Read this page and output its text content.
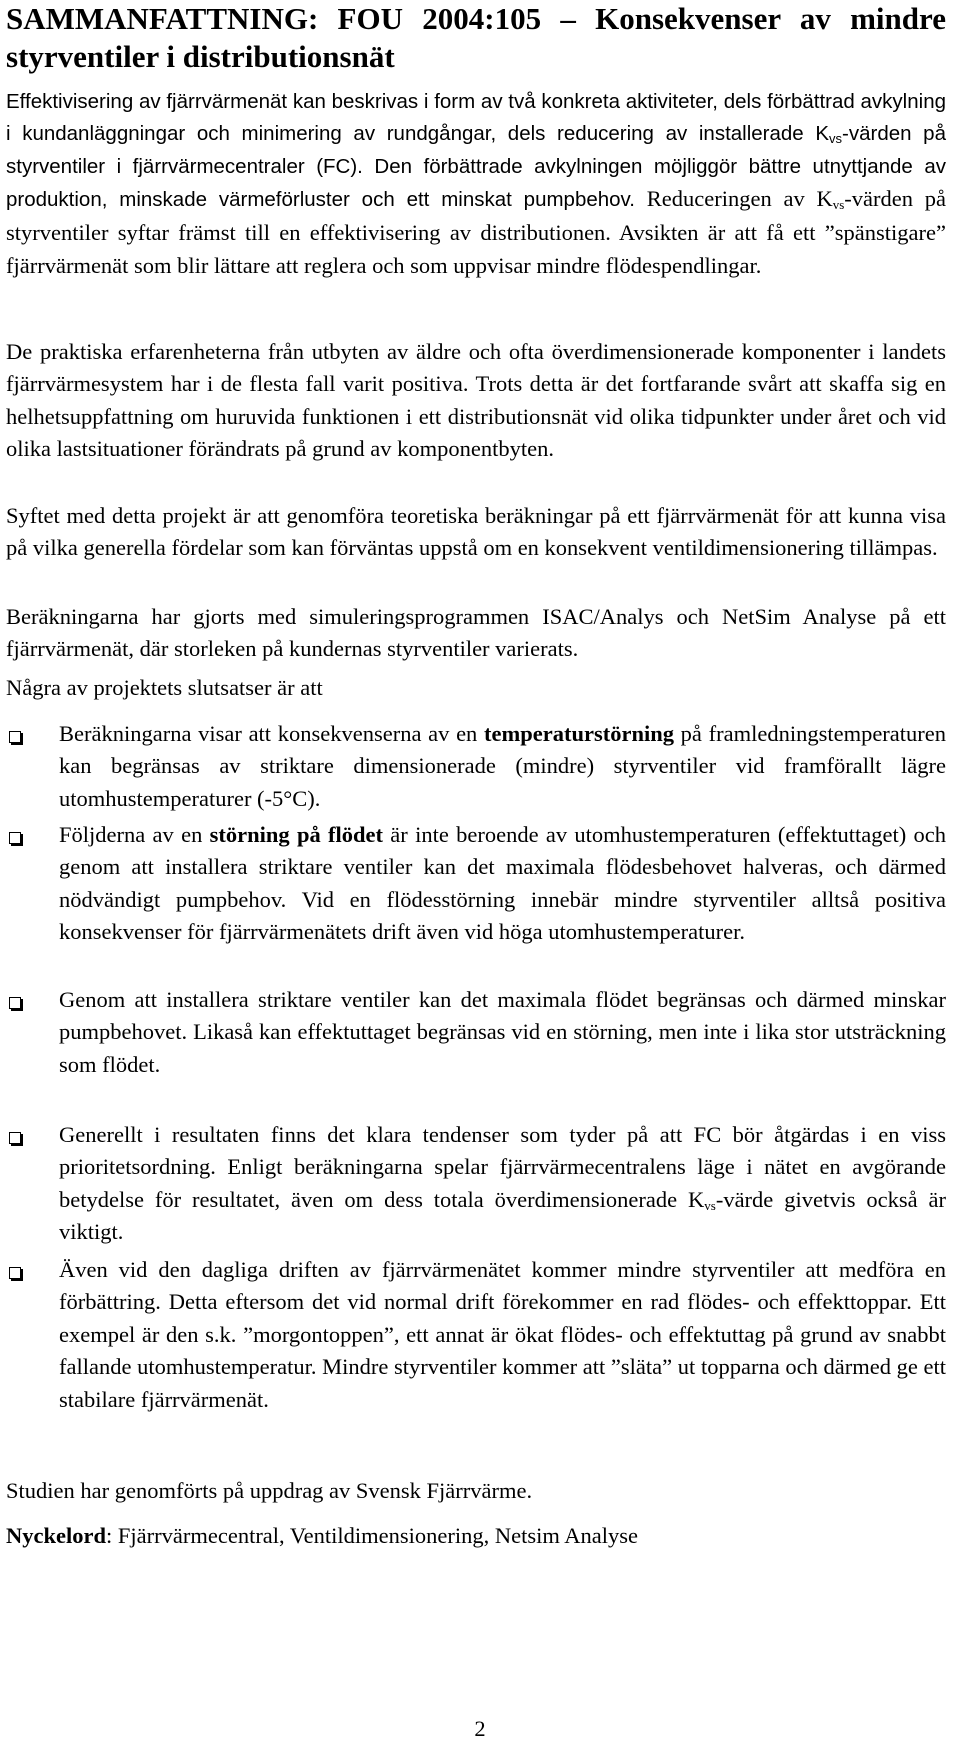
SAMMANFATTNING: FOU 2004:105 – Konsekvenser av mindre styrventiler i distributionsnät

Effektivisering av fjärrvärmenät kan beskrivas i form av två konkreta aktiviteter, dels förbättrad avkylning i kundanläggningar och minimering av rundgångar, dels reducering av installerade $K_{vs}$-värden på styrventiler i fjärrvärmecentraler (FC). Den förbättrade avkylningen möjliggör bättre utnyttjande av produktion, minskade värmeförluster och ett minskat pumpbehov. Reduceringen av $K_{vs}$-värden på styrventiler syftar främst till en effektivisering av distributionen. Avsikten är att få ett ”spänstigare” fjärrvärmenät som blir lättare att reglera och som uppvisar mindre flödespendlingar.

De praktiska erfarenheterna från utbyten av äldre och ofta överdimensionerade komponenter i landets fjärrvärmesystem har i de flesta fall varit positiva. Trots detta är det fortfarande svårt att skaffa sig en helhetsuppfattning om huruvida funktionen i ett distributionsnät vid olika tidpunkter under året och vid olika lastsituationer förändrats på grund av komponentbyten.

Syftet med detta projekt är att genomföra teoretiska beräkningar på ett fjärrvärmenät för att kunna visa på vilka generella fördelar som kan förväntas uppstå om en konsekvent ventildimensionering tillämpas.

Beräkningarna har gjorts med simuleringsprogrammen ISAC/Analys och NetSim Analyse på ett fjärrvärmenät, där storleken på kundernas styrventiler varierats.

Några av projektets slutsatser är att

Beräkningarna visar att konsekvenserna av en temperaturstörning på framledningstemperaturen kan begränsas av striktare dimensionerade (mindre) styrventiler vid framförallt lägre utomhustemperaturer (-5°C).

Följderna av en störning på flödet är inte beroende av utomhustemperaturen (effektuttaget) och genom att installera striktare ventiler kan det maximala flödesbehovet halveras, och därmed nödvändigt pumpbehov. Vid en flödesstörning innebär mindre styrventiler alltså positiva konsekvenser för fjärrvärmenätets drift även vid höga utomhustemperaturer.

Genom att installera striktare ventiler kan det maximala flödet begränsas och därmed minskar pumpbehovet. Likaså kan effektuttaget begränsas vid en störning, men inte i lika stor utsträckning som flödet.

Generellt i resultaten finns det klara tendenser som tyder på att FC bör åtgärdas i en viss prioritetsordning. Enligt beräkningarna spelar fjärrvärmecentralens läge i nätet en avgörande betydelse för resultatet, även om dess totala överdimensionerade $K_{vs}$-värde givetvis också är viktigt.

Även vid den dagliga driften av fjärrvärmenätet kommer mindre styrventiler att medföra en förbättring. Detta eftersom det vid normal drift förekommer en rad flödes- och effekttoppar. Ett exempel är den s.k. ”morgontoppen”, ett annat är ökat flödes- och effektuttag på grund av snabbt fallande utomhustemperatur. Mindre styrventiler kommer att ”släta” ut topparna och därmed ge ett stabilare fjärrvärmenät.

Studien har genomförts på uppdrag av Svensk Fjärrvärme.

Nyckelord: Fjärrvärmecentral, Ventildimensionering, Netsim Analyse

2
